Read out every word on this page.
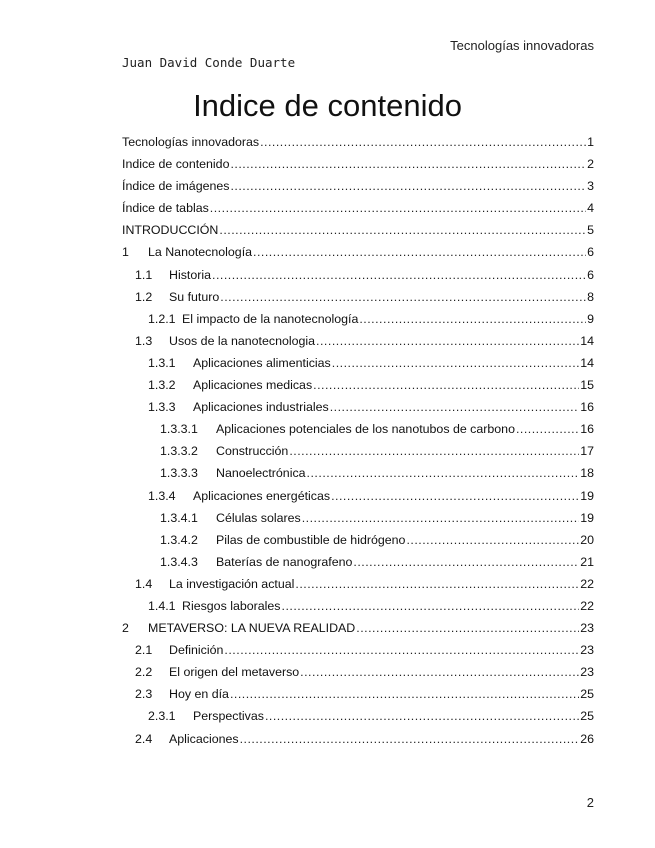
Tecnologías innovadoras
Juan David Conde Duarte
Indice de contenido
Tecnologías innovadoras .....	1
Indice de contenido .....	2
Índice de imágenes .....	3
Índice de tablas .....	4
INTRODUCCIÓN .....	5
1	La Nanotecnología .....	6
1.1	Historia .....	6
1.2	Su futuro .....	8
1.2.1 El impacto de la nanotecnología .....	9
1.3	Usos de la nanotecnologia .....	14
1.3.1	Aplicaciones alimenticias .....	14
1.3.2	Aplicaciones medicas .....	15
1.3.3	Aplicaciones industriales .....	16
1.3.3.1	Aplicaciones potenciales de los nanotubos de carbono .....	16
1.3.3.2	Construcción .....	17
1.3.3.3	Nanoelectrónica .....	18
1.3.4	Aplicaciones energéticas .....	19
1.3.4.1	Células solares .....	19
1.3.4.2	Pilas de combustible de hidrógeno .....	20
1.3.4.3	Baterías de nanografeno .....	21
1.4	La investigación actual .....	22
1.4.1 Riesgos laborales .....	22
2	METAVERSO: LA NUEVA REALIDAD .....	23
2.1	Definición .....	23
2.2	El origen del metaverso .....	23
2.3	Hoy en día .....	25
2.3.1	Perspectivas .....	25
2.4	Aplicaciones .....	26
2
